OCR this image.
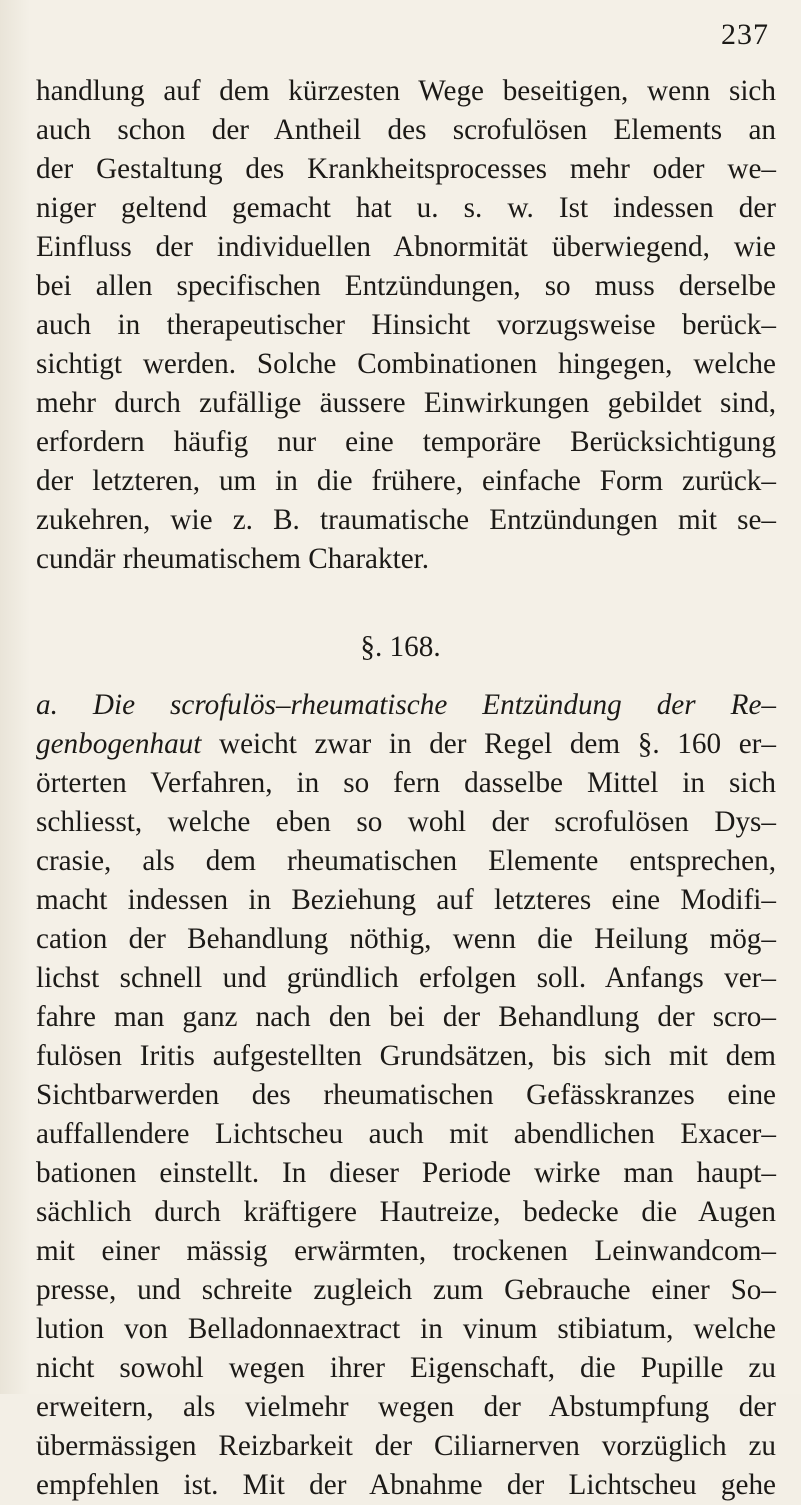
237
handlung auf dem kürzesten Wege beseitigen, wenn sich
auch schon der Antheil des scrofulösen Elements an
der Gestaltung des Krankheitsprocesses mehr oder we–
niger geltend gemacht hat u. s. w. Ist indessen der
Einfluss der individuellen Abnormität überwiegend, wie
bei allen specifischen Entzündungen, so muss derselbe
auch in therapeutischer Hinsicht vorzugsweise berück–
sichtigt werden. Solche Combinationen hingegen, welche
mehr durch zufällige äussere Einwirkungen gebildet sind,
erfordern häufig nur eine temporäre Berücksichtigung
der letzteren, um in die frühere, einfache Form zurück–
zukehren, wie z. B. traumatische Entzündungen mit se–
cundär rheumatischem Charakter.
§. 168.
a. Die scrofulös–rheumatische Entzündung der Re–
genbogenhaut weicht zwar in der Regel dem §. 160 er–
örterten Verfahren, in so fern dasselbe Mittel in sich
schliesst, welche eben so wohl der scrofulösen Dys–
crasie, als dem rheumatischen Elemente entsprechen,
macht indessen in Beziehung auf letzteres eine Modifi–
cation der Behandlung nöthig, wenn die Heilung mög–
lichst schnell und gründlich erfolgen soll. Anfangs ver–
fahre man ganz nach den bei der Behandlung der scro–
fulösen Iritis aufgestellten Grundsätzen, bis sich mit dem
Sichtbarwerden des rheumatischen Gefässkranzes eine
auffallendere Lichtscheu auch mit abendlichen Exacer–
bationen einstellt. In dieser Periode wirke man haupt–
sächlich durch kräftigere Hautreize, bedecke die Augen
mit einer mässig erwärmten, trockenen Leinwandcom–
presse, und schreite zugleich zum Gebrauche einer So–
lution von Belladonnaextract in vinum stibiatum, welche
nicht sowohl wegen ihrer Eigenschaft, die Pupille zu
erweitern, als vielmehr wegen der Abstumpfung der
übermässigen Reizbarkeit der Ciliarnerven vorzüglich zu
empfehlen ist. Mit der Abnahme der Lichtscheu gehe
